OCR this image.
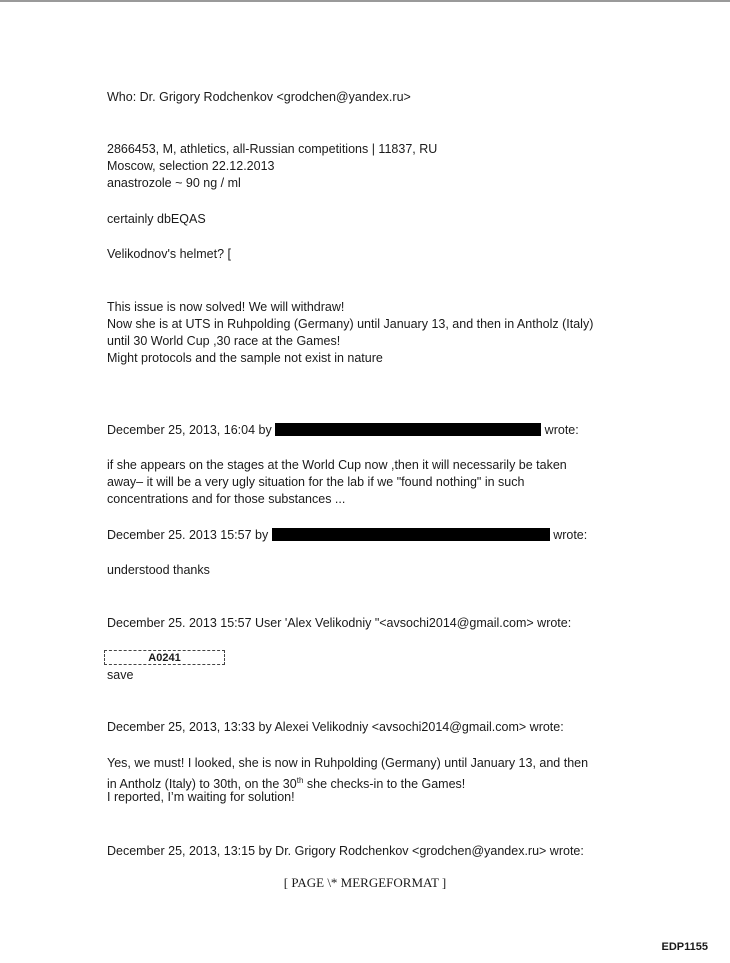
Who: Dr. Grigory Rodchenkov <grodchen@yandex.ru>
2866453, M, athletics, all-Russian competitions | 11837, RU
Moscow, selection 22.12.2013
anastrozole ~ 90 ng / ml
certainly dbEQAS
Velikodnov's helmet? [
This issue is now solved! We will withdraw!
Now she is at UTS in Ruhpolding (Germany) until January 13, and then in Antholz (Italy)
until 30 World Cup ,30 race at the Games!
Might protocols and the sample not exist in nature
December 25, 2013, 16:04 by	wrote:
if she appears on the stages at the World Cup now ,then it will necessarily be taken
away– it will be a very ugly situation for the lab if we "found nothing" in such
concentrations and for those substances ...
December 25. 2013 15:57 by	wrote:
understood thanks
December 25. 2013 15:57 User 'Alex Velikodniy "<avsochi2014@gmail.com> wrote:
A0241
save
December 25, 2013, 13:33 by Alexei Velikodniy <avsochi2014@gmail.com> wrote:
Yes, we must! I looked, she is now in Ruhpolding (Germany) until January 13, and then
in Antholz (Italy) to 30th, on the 30th she checks-in to the Games!
I reported, I’m waiting for solution!
December 25, 2013, 13:15 by Dr. Grigory Rodchenkov <grodchen@yandex.ru> wrote:
[ PAGE \* MERGEFORMAT ]
EDP1155
